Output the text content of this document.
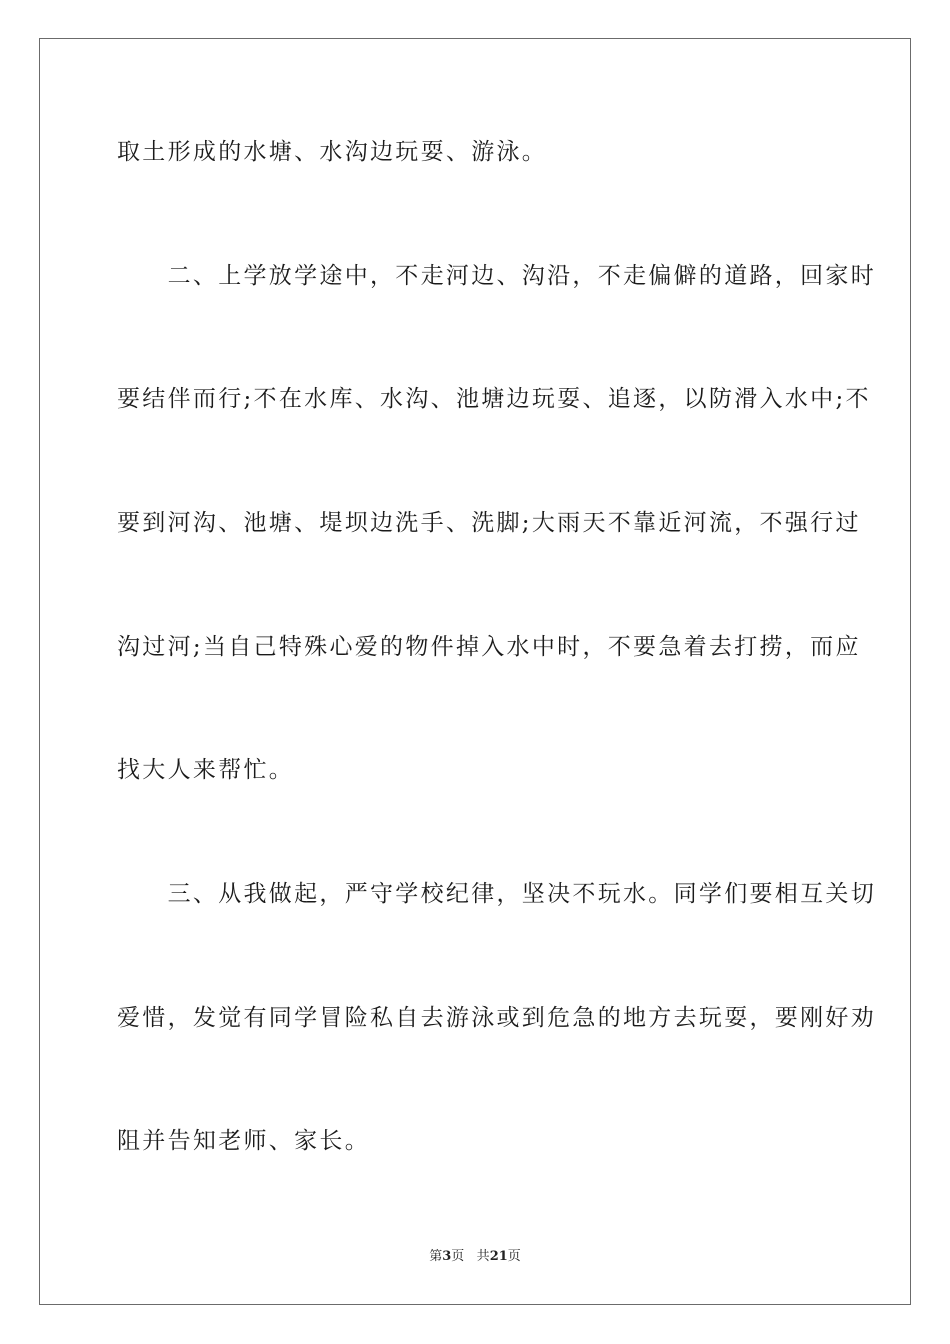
取土形成的水塘、水沟边玩耍、游泳。
　　二、上学放学途中，不走河边、沟沿，不走偏僻的道路，回家时
要结伴而行;不在水库、水沟、池塘边玩耍、追逐，以防滑入水中;不
要到河沟、池塘、堤坝边洗手、洗脚;大雨天不靠近河流，不强行过
沟过河;当自己特殊心爱的物件掉入水中时，不要急着去打捞，而应
找大人来帮忙。
　　三、从我做起，严守学校纪律，坚决不玩水。同学们要相互关切
爱惜，发觉有同学冒险私自去游泳或到危急的地方去玩耍，要刚好劝
阻并告知老师、家长。
第3页 共21页
